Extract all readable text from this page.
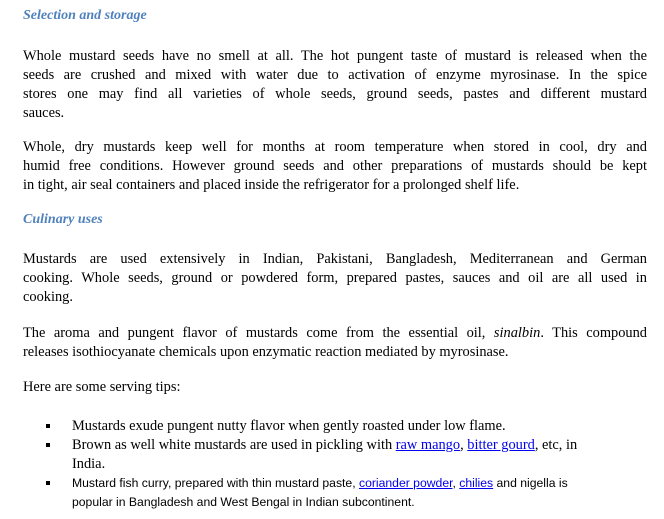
Selection and storage
Whole mustard seeds have no smell at all. The hot pungent taste of mustard is released when the
seeds are crushed and mixed with water due to activation of enzyme myrosinase. In the spice
stores one may find all varieties of whole seeds, ground seeds, pastes and different mustard
sauces.
Whole, dry mustards keep well for months at room temperature when stored in cool, dry and
humid free conditions. However ground seeds and other preparations of mustards should be kept
in tight, air seal containers and placed inside the refrigerator for a prolonged shelf life.
Culinary uses
Mustards are used extensively in Indian, Pakistani, Bangladesh, Mediterranean and German
cooking. Whole seeds, ground or powdered form, prepared pastes, sauces and oil are all used in
cooking.
The aroma and pungent flavor of mustards come from the essential oil, sinalbin. This compound
releases isothiocyanate chemicals upon enzymatic reaction mediated by myrosinase.
Here are some serving tips:
Mustards exude pungent nutty flavor when gently roasted under low flame.
Brown as well white mustards are used in pickling with raw mango, bitter gourd, etc, in
India.
Mustard fish curry, prepared with thin mustard paste, coriander powder, chilies and nigella is
popular in Bangladesh and West Bengal in Indian subcontinent.
